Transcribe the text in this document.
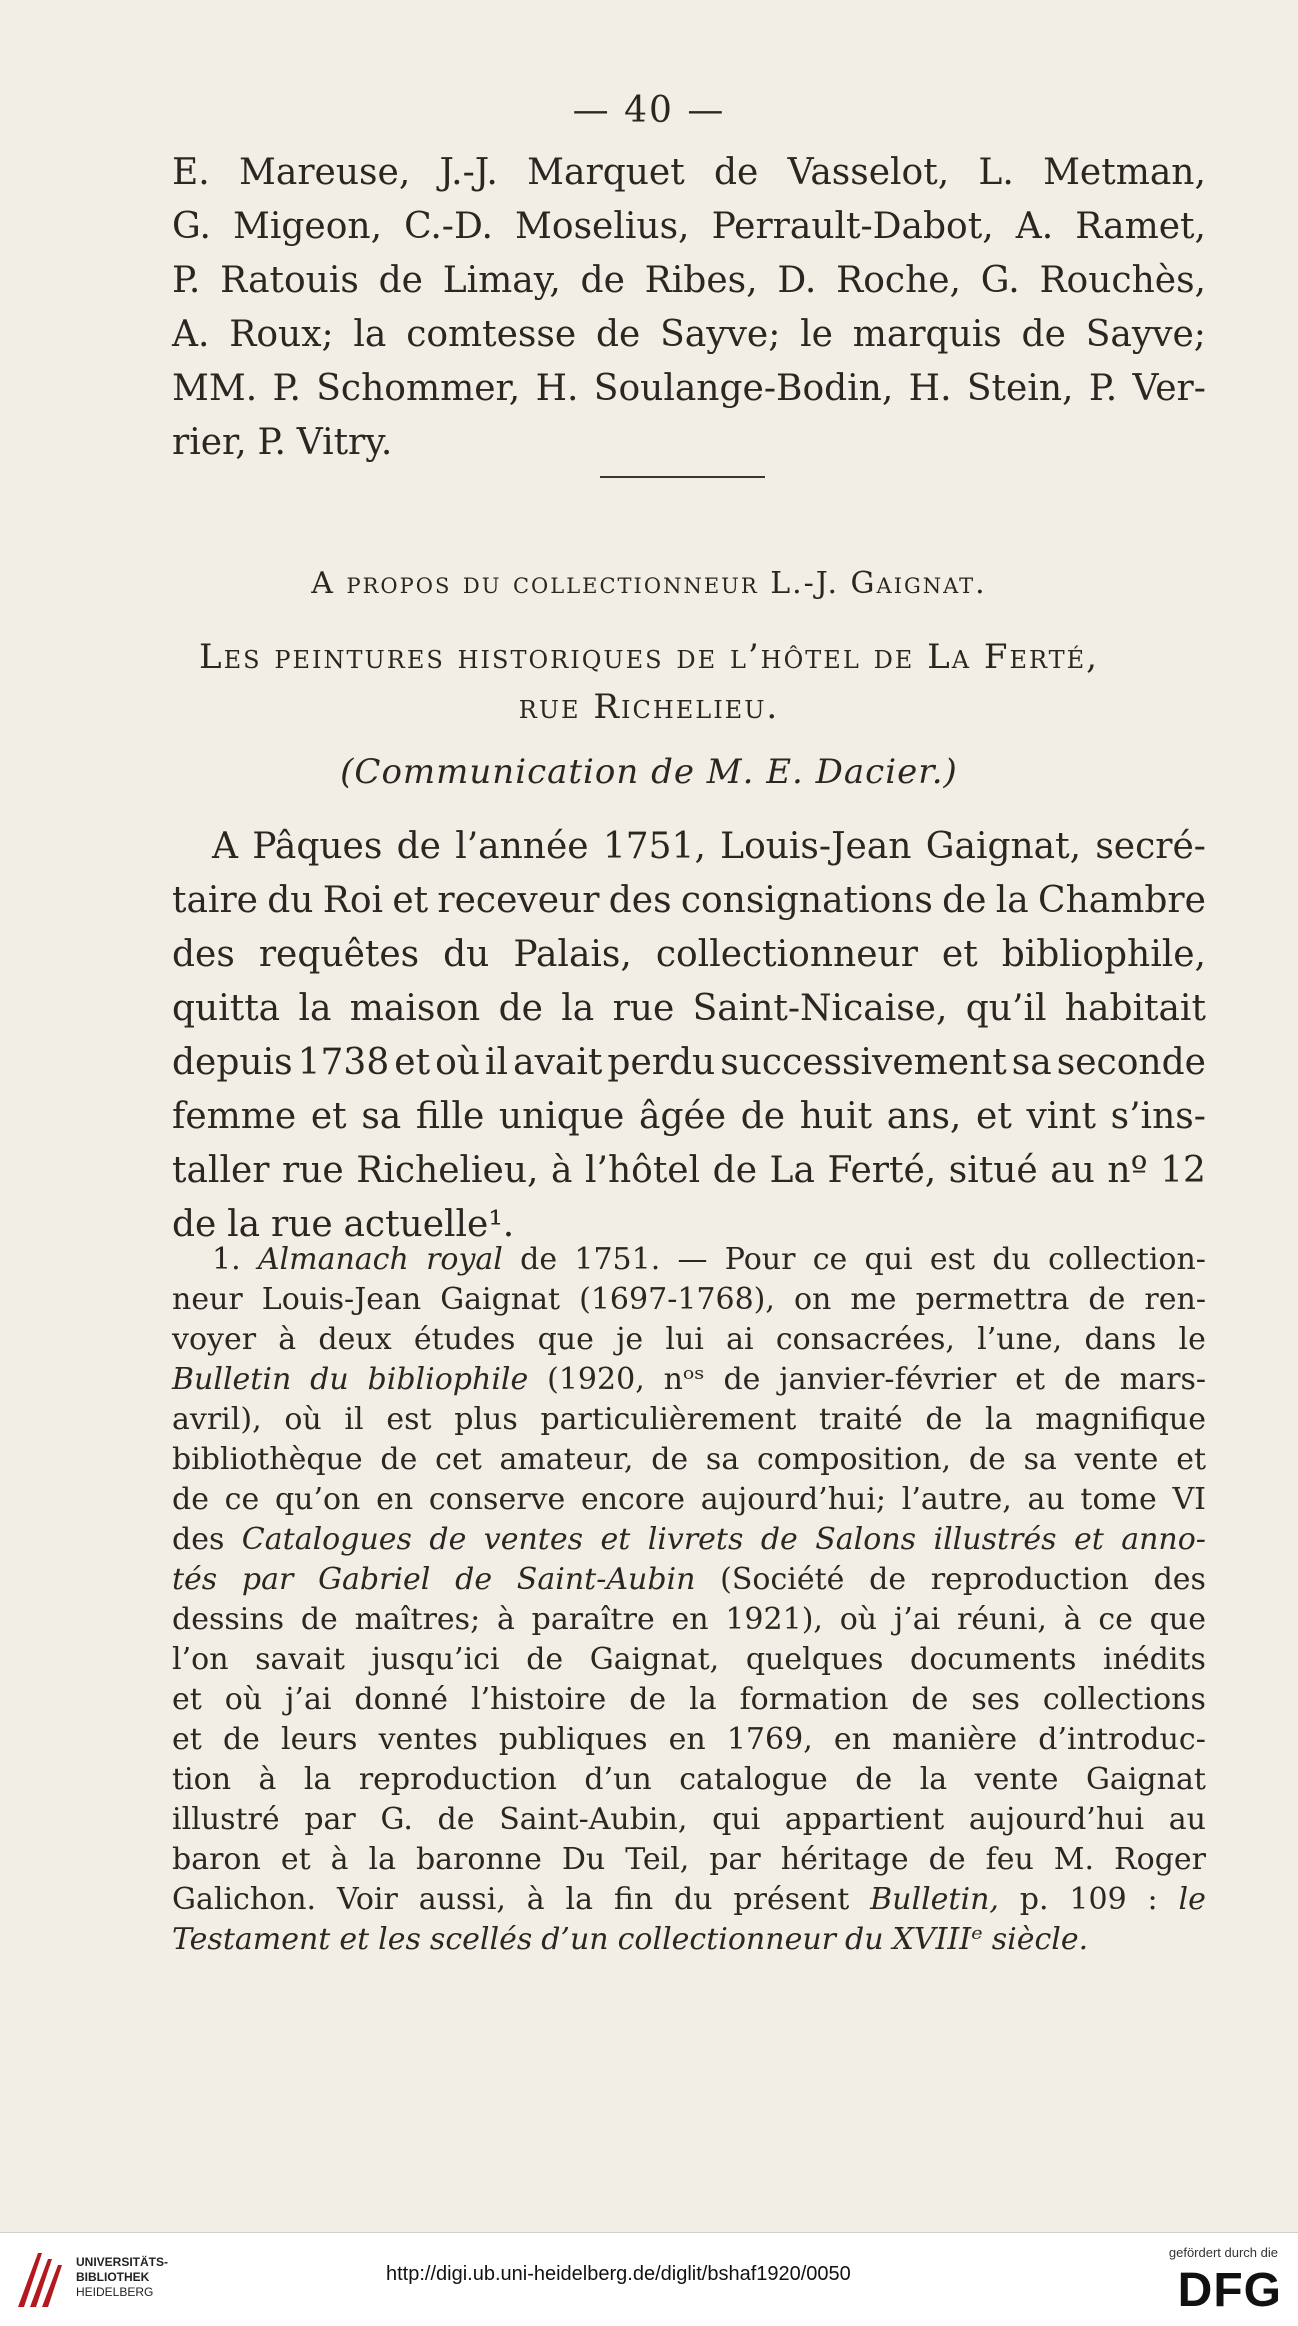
— 40 —
E. Mareuse, J.-J. Marquet de Vasselot, L. Metman,
G. Migeon, C.-D. Moselius, Perrault-Dabot, A. Ramet,
P. Ratouis de Limay, de Ribes, D. Roche, G. Rouchès,
A. Roux; la comtesse de Sayve; le marquis de Sayve;
MM. P. Schommer, H. Soulange-Bodin, H. Stein, P. Ver-
rier, P. Vitry.
A propos du collectionneur L.-J. Gaignat.
Les peintures historiques de l’hôtel de La Ferté,
rue Richelieu.
(Communication de M. E. Dacier.)
A Pâques de l’année 1751, Louis-Jean Gaignat, secré-
taire du Roi et receveur des consignations de la Chambre
des requêtes du Palais, collectionneur et bibliophile,
quitta la maison de la rue Saint-Nicaise, qu’il habitait
depuis 1738 et où il avait perdu successivement sa seconde
femme et sa fille unique âgée de huit ans, et vint s’ins-
taller rue Richelieu, à l’hôtel de La Ferté, situé au nº 12
de la rue actuelle¹.
1. Almanach royal de 1751. — Pour ce qui est du collection-
neur Louis-Jean Gaignat (1697-1768), on me permettra de ren-
voyer à deux études que je lui ai consacrées, l’une, dans le
Bulletin du bibliophile (1920, nᵒˢ de janvier-février et de mars-
avril), où il est plus particulièrement traité de la magnifique
bibliothèque de cet amateur, de sa composition, de sa vente et
de ce qu’on en conserve encore aujourd’hui; l’autre, au tome VI
des Catalogues de ventes et livrets de Salons illustrés et anno-
tés par Gabriel de Saint-Aubin (Société de reproduction des
dessins de maîtres; à paraître en 1921), où j’ai réuni, à ce que
l’on savait jusqu’ici de Gaignat, quelques documents inédits
et où j’ai donné l’histoire de la formation de ses collections
et de leurs ventes publiques en 1769, en manière d’introduc-
tion à la reproduction d’un catalogue de la vente Gaignat
illustré par G. de Saint-Aubin, qui appartient aujourd’hui au
baron et à la baronne Du Teil, par héritage de feu M. Roger
Galichon. Voir aussi, à la fin du présent Bulletin, p. 109 : le
Testament et les scellés d’un collectionneur du XVIIIᵉ siècle.
UNIVERSITÄTS-
BIBLIOTHEK
HEIDELBERG
http://digi.ub.uni-heidelberg.de/diglit/bshaf1920/0050
gefördert durch die
DFG
